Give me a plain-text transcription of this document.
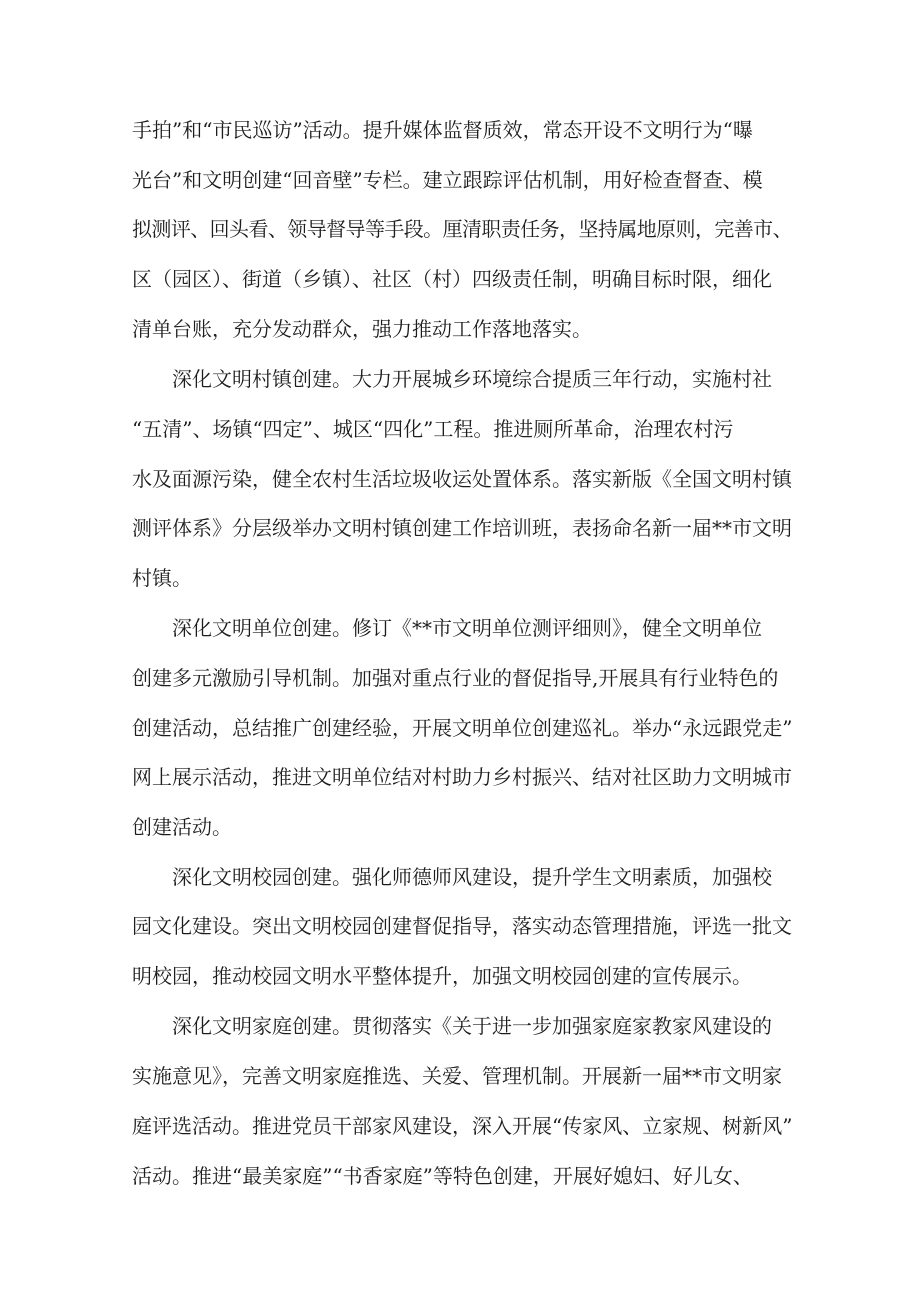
手拍”和“市民巡访”活动。提升媒体监督质效，常态开设不文明行为“曝
光台”和文明创建“回音壁”专栏。建立跟踪评估机制，用好检查督查、模
拟测评、回头看、领导督导等手段。厘清职责任务，坚持属地原则，完善市、
区（园区）、街道（乡镇）、社区（村）四级责任制，明确目标时限，细化
清单台账，充分发动群众，强力推动工作落地落实。
深化文明村镇创建。大力开展城乡环境综合提质三年行动，实施村社
“五清”、场镇“四定”、城区“四化”工程。推进厕所革命，治理农村污
水及面源污染，健全农村生活垃圾收运处置体系。落实新版《全国文明村镇
测评体系》分层级举办文明村镇创建工作培训班，表扬命名新一届**市文明
村镇。
深化文明单位创建。修订《**市文明单位测评细则》，健全文明单位
创建多元激励引导机制。加强对重点行业的督促指导,开展具有行业特色的
创建活动，总结推广创建经验，开展文明单位创建巡礼。举办“永远跟党走”
网上展示活动，推进文明单位结对村助力乡村振兴、结对社区助力文明城市
创建活动。
深化文明校园创建。强化师德师风建设，提升学生文明素质，加强校
园文化建设。突出文明校园创建督促指导，落实动态管理措施，评选一批文
明校园，推动校园文明水平整体提升，加强文明校园创建的宣传展示。
深化文明家庭创建。贯彻落实《关于进一步加强家庭家教家风建设的
实施意见》，完善文明家庭推选、关爱、管理机制。开展新一届**市文明家
庭评选活动。推进党员干部家风建设，深入开展“传家风、立家规、树新风”
活动。推进“最美家庭”“书香家庭”等特色创建，开展好媳妇、好儿女、
